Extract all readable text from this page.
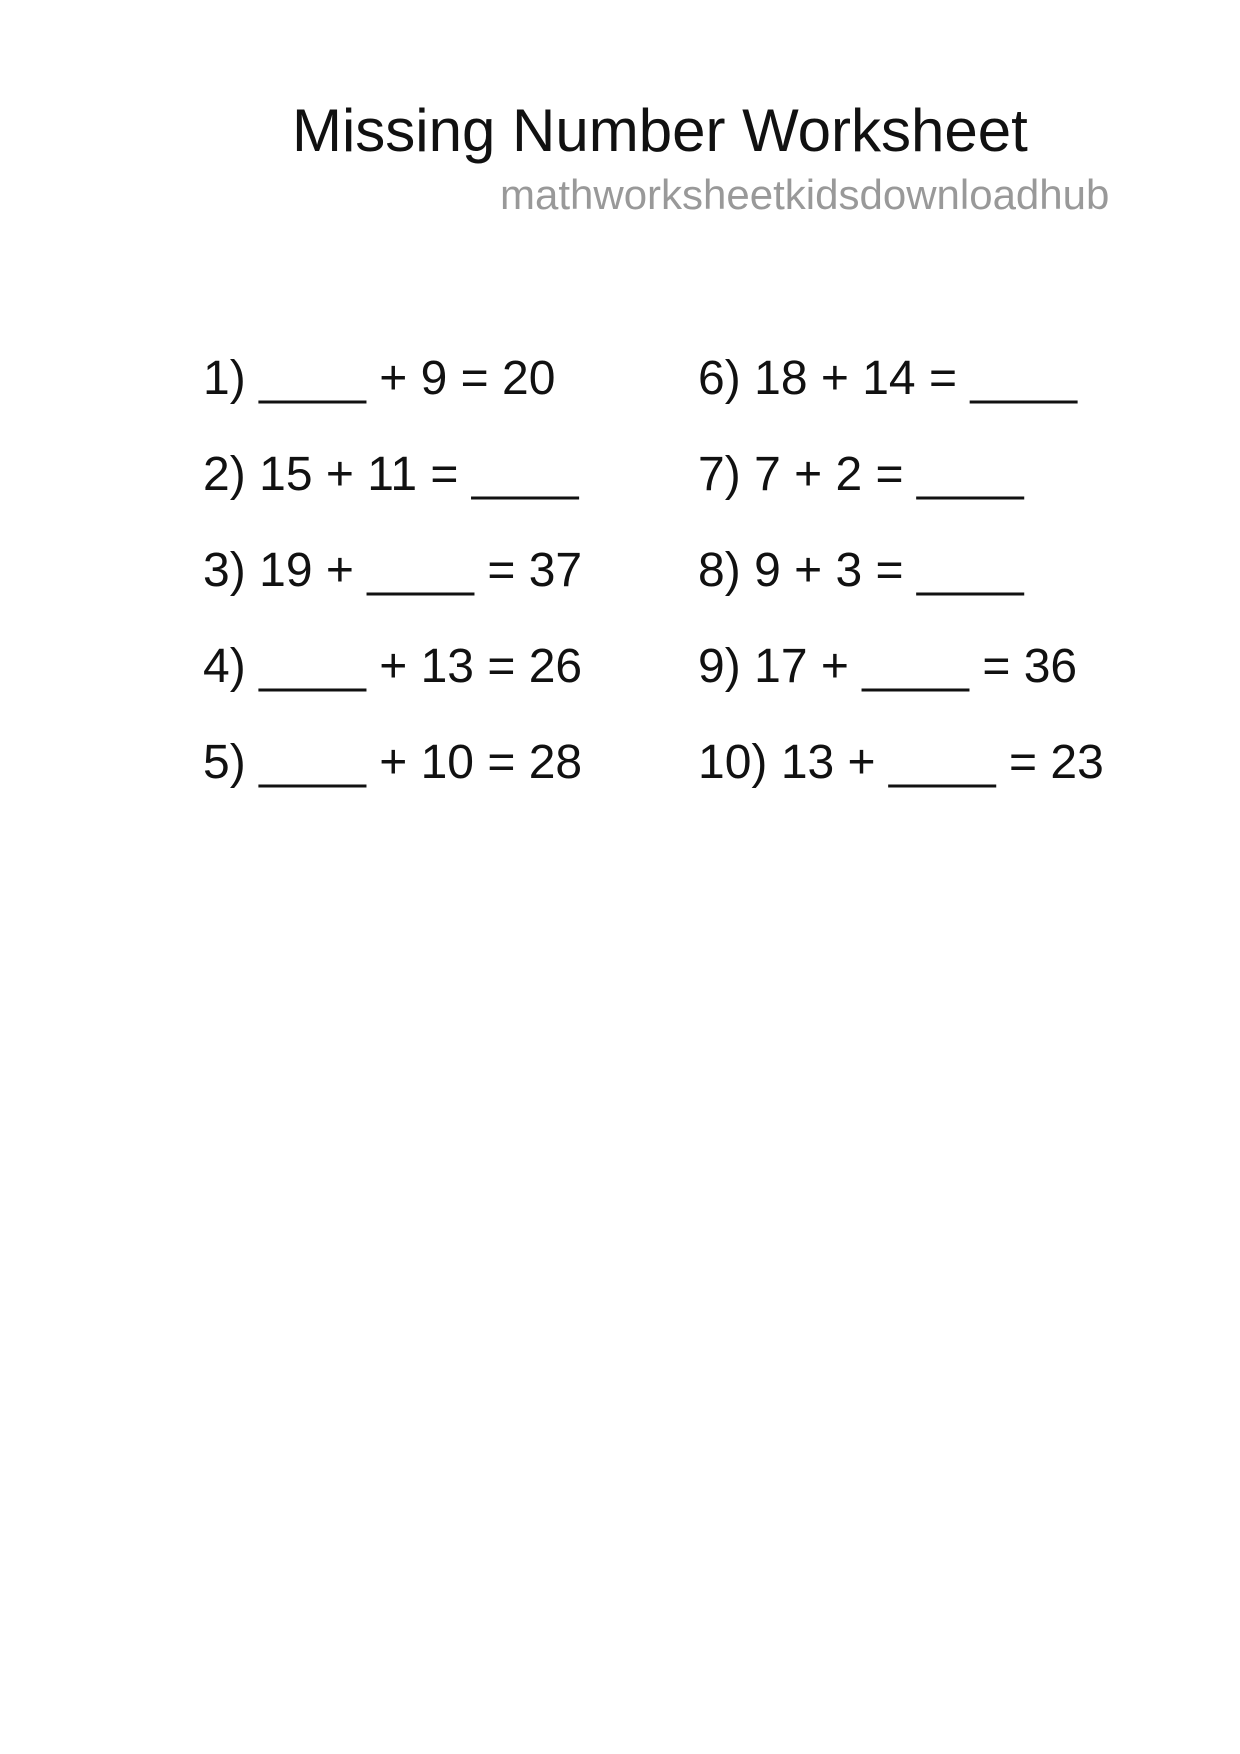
Missing Number Worksheet
mathworksheetkidsdownloadhub
1) ____ + 9 = 20
2) 15 + 11 = ____
3) 19 + ____ = 37
4) ____ + 13 = 26
5) ____ + 10 = 28
6) 18 + 14 = ____
7) 7 + 2 = ____
8) 9 + 3 = ____
9) 17 + ____ = 36
10) 13 + ____ = 23
